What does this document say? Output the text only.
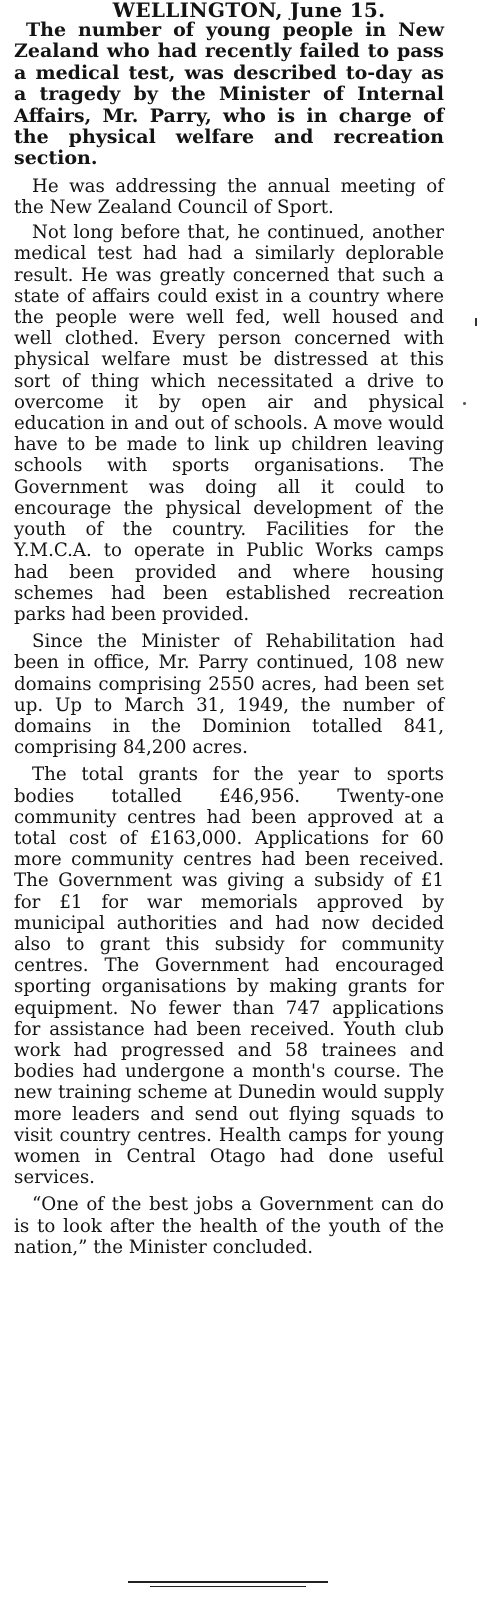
WELLINGTON, June 15.

The number of young people in New Zealand who had recently failed to pass a medical test, was described to-day as a tragedy by the Minister of Internal Affairs, Mr. Parry, who is in charge of the physical welfare and recreation section.

He was addressing the annual meeting of the New Zealand Council of Sport.

Not long before that, he continued, another medical test had had a similarly deplorable result. He was greatly concerned that such a state of affairs could exist in a country where the people were well fed, well housed and well clothed. Every person concerned with physical welfare must be distressed at this sort of thing which necessitated a drive to overcome it by open air and physical education in and out of schools. A move would have to be made to link up children leaving schools with sports organisations. The Government was doing all it could to encourage the physical development of the youth of the country. Facilities for the Y.M.C.A. to operate in Public Works camps had been provided and where housing schemes had been established recreation parks had been provided.

Since the Minister of Rehabilitation had been in office, Mr. Parry continued, 108 new domains comprising 2550 acres, had been set up. Up to March 31, 1949, the number of domains in the Dominion totalled 841, comprising 84,200 acres.

The total grants for the year to sports bodies totalled £46,956. Twenty-one community centres had been approved at a total cost of £163,000. Applications for 60 more community centres had been received. The Government was giving a subsidy of £1 for £1 for war memorials approved by municipal authorities and had now decided also to grant this subsidy for community centres. The Government had encouraged sporting organisations by making grants for equipment. No fewer than 747 applications for assistance had been received. Youth club work had progressed and 58 trainees and bodies had undergone a month's course. The new training scheme at Dunedin would supply more leaders and send out flying squads to visit country centres. Health camps for young women in Central Otago had done useful services.

“One of the best jobs a Government can do is to look after the health of the youth of the nation,” the Minister concluded.
